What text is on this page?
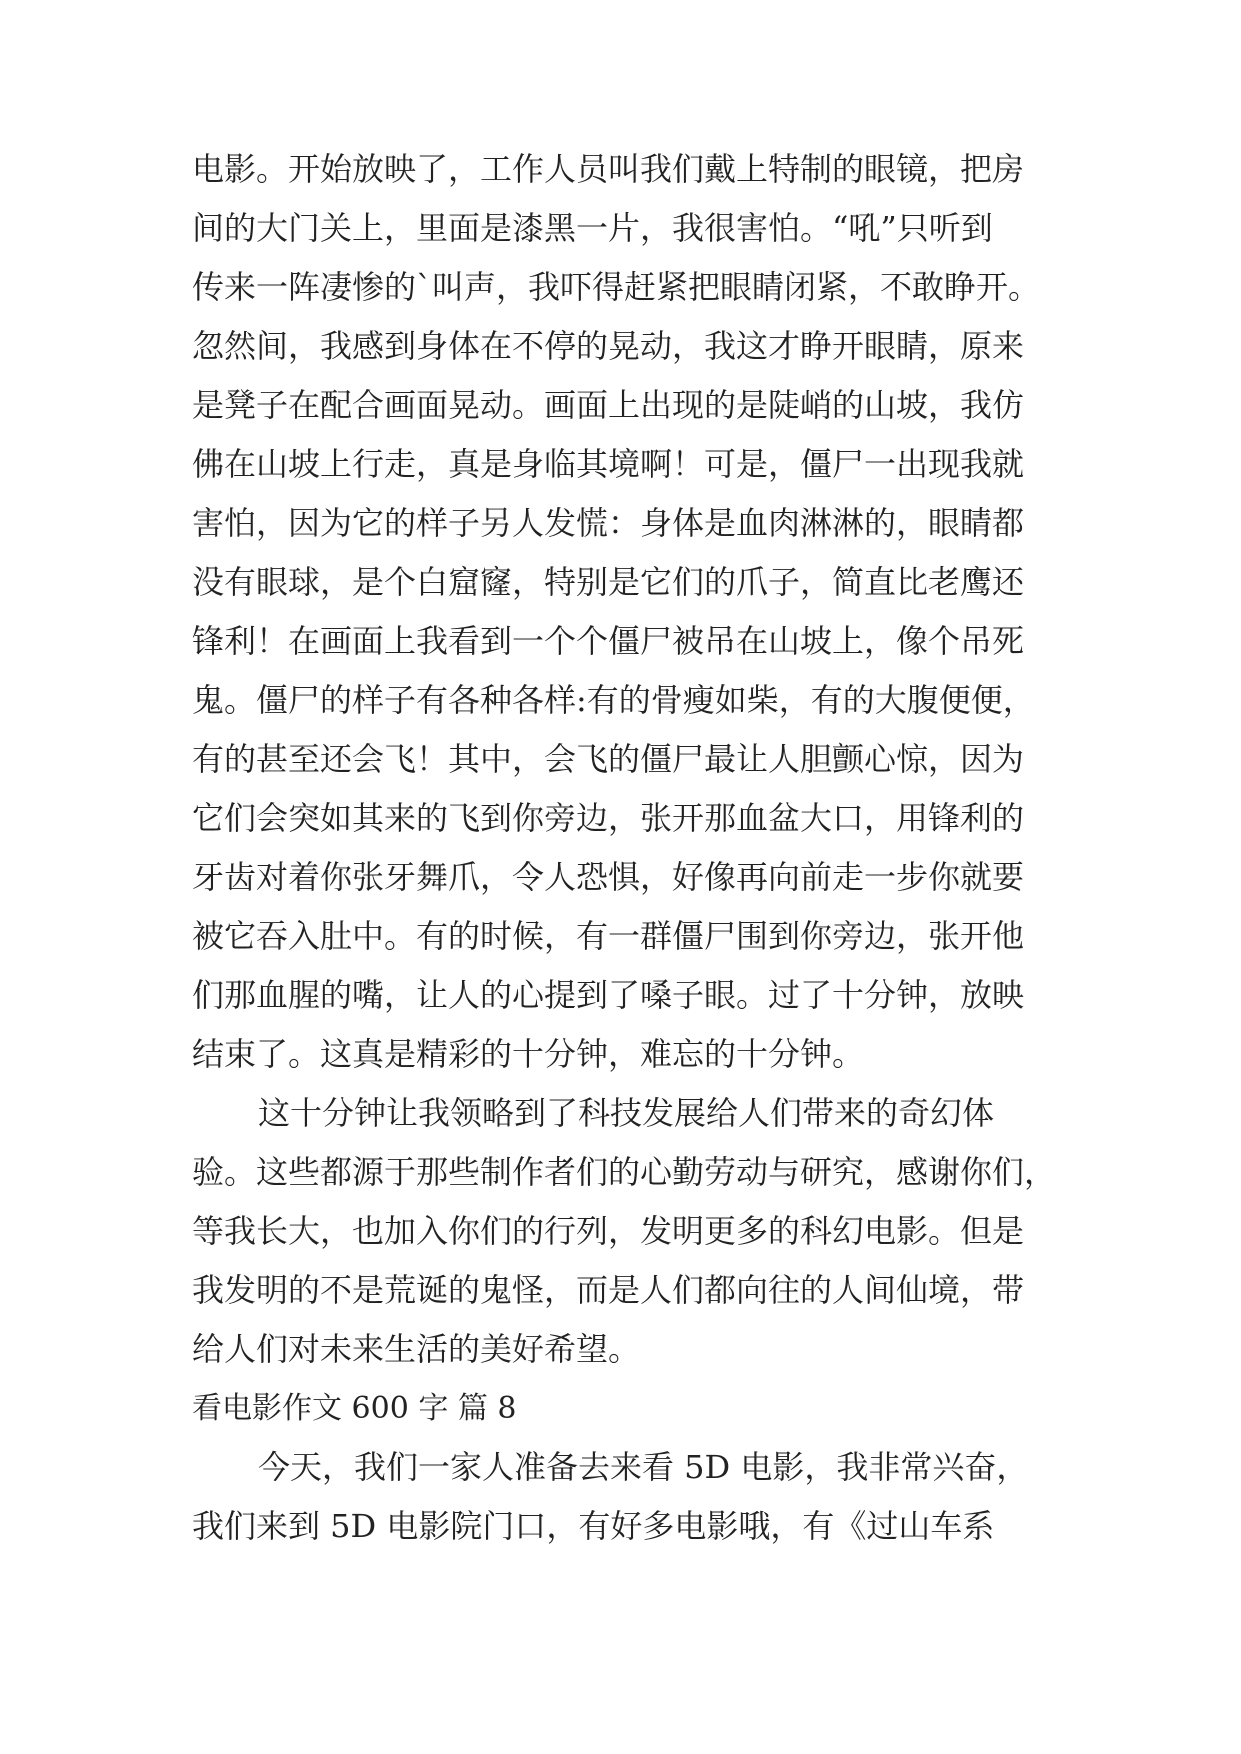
电影。开始放映了，工作人员叫我们戴上特制的眼镜，把房
间的大门关上，里面是漆黑一片，我很害怕。“吼”只听到
传来一阵凄惨的`叫声，我吓得赶紧把眼睛闭紧，不敢睁开。
忽然间，我感到身体在不停的晃动，我这才睁开眼睛，原来
是凳子在配合画面晃动。画面上出现的是陡峭的山坡，我仿
佛在山坡上行走，真是身临其境啊！可是，僵尸一出现我就
害怕，因为它的样子另人发慌：身体是血肉淋淋的，眼睛都
没有眼球，是个白窟窿，特别是它们的爪子，简直比老鹰还
锋利！在画面上我看到一个个僵尸被吊在山坡上，像个吊死
鬼。僵尸的样子有各种各样:有的骨瘦如柴，有的大腹便便，
有的甚至还会飞！其中，会飞的僵尸最让人胆颤心惊，因为
它们会突如其来的飞到你旁边，张开那血盆大口，用锋利的
牙齿对着你张牙舞爪，令人恐惧，好像再向前走一步你就要
被它吞入肚中。有的时候，有一群僵尸围到你旁边，张开他
们那血腥的嘴，让人的心提到了嗓子眼。过了十分钟，放映
结束了。这真是精彩的十分钟，难忘的十分钟。
这十分钟让我领略到了科技发展给人们带来的奇幻体
验。这些都源于那些制作者们的心勤劳动与研究，感谢你们，
等我长大，也加入你们的行列，发明更多的科幻电影。但是
我发明的不是荒诞的鬼怪，而是人们都向往的人间仙境，带
给人们对未来生活的美好希望。
看电影作文 600 字 篇 8
今天，我们一家人准备去来看 5D 电影，我非常兴奋，
我们来到 5D 电影院门口，有好多电影哦，有《过山车系
